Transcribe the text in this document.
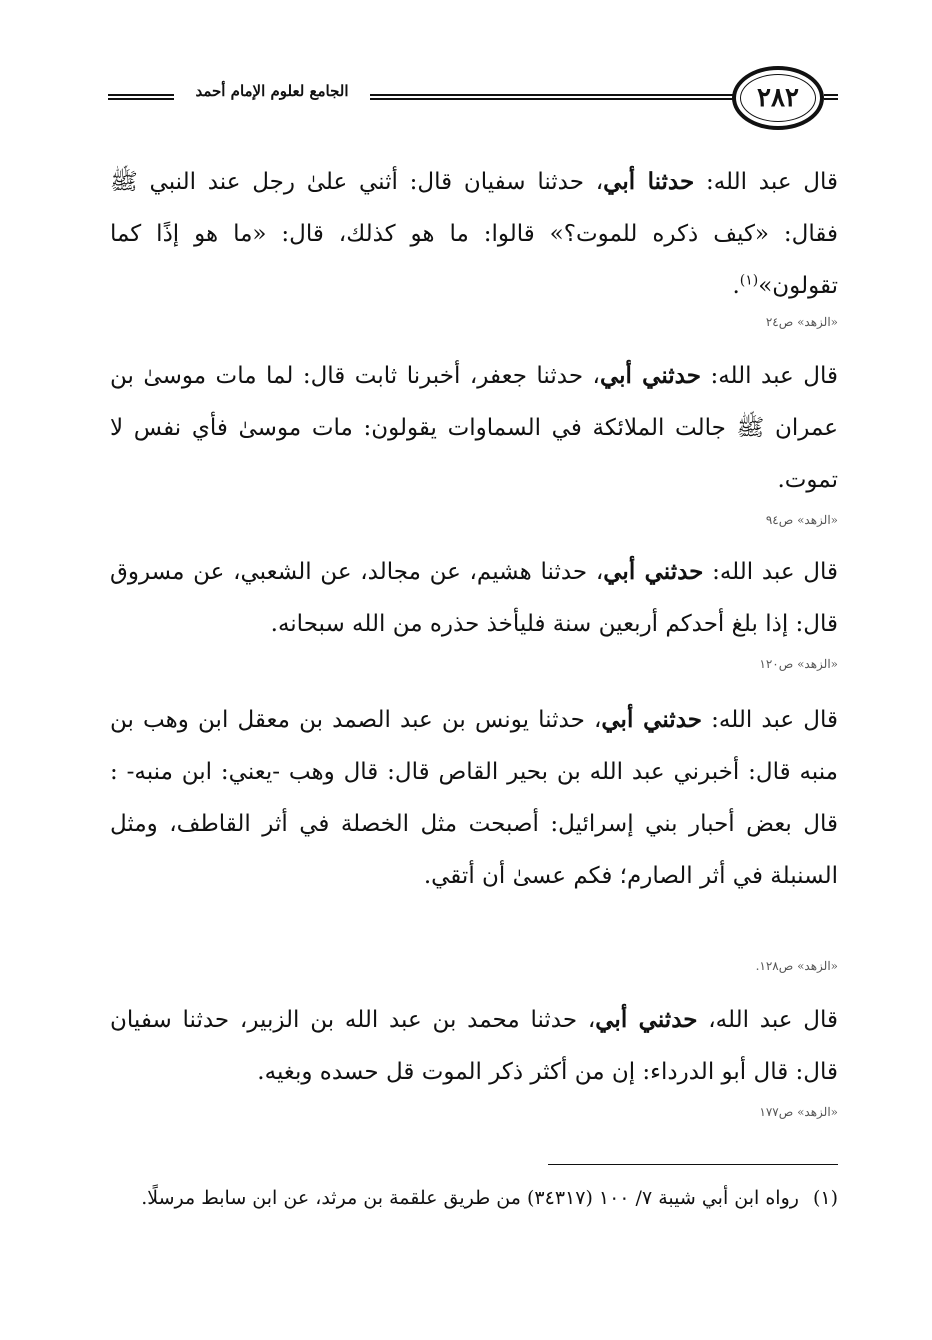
الجامع لعلوم الإمام أحمد	٢٨٢
قال عبد الله: حدثنا أبي، حدثنا سفيان قال: أثني علىٰ رجل عند النبي ﷺ فقال: «كيف ذكره للموت؟» قالوا: ما هو كذلك، قال: «ما هو إذًا كما تقولون»$^{(١)}$.
«الزهد» ص٢٤
قال عبد الله: حدثني أبي، حدثنا جعفر، أخبرنا ثابت قال: لما مات موسىٰ بن عمران ﷺ جالت الملائكة في السماوات يقولون: مات موسىٰ فأي نفس لا تموت.
«الزهد» ص٩٤
قال عبد الله: حدثني أبي، حدثنا هشيم، عن مجالد، عن الشعبي، عن مسروق قال: إذا بلغ أحدكم أربعين سنة فليأخذ حذره من الله سبحانه.
«الزهد» ص١٢٠
قال عبد الله: حدثني أبي، حدثنا يونس بن عبد الصمد بن معقل ابن وهب بن منبه قال: أخبرني عبد الله بن بحير القاص قال: قال وهب -يعني: ابن منبه- : قال بعض أحبار بني إسرائيل: أصبحت مثل الخصلة في أثر القاطف، ومثل السنبلة في أثر الصارم؛ فكم عسىٰ أن أتقي.
«الزهد» ص١٢٨.
قال عبد الله، حدثني أبي، حدثنا محمد بن عبد الله بن الزبير، حدثنا سفيان قال: قال أبو الدرداء: إن من أكثر ذكر الموت قل حسده وبغيه.
«الزهد» ص١٧٧
(١)رواه ابن أبي شيبة ٧/ ١٠٠ (٣٤٣١٧) من طريق علقمة بن مرثد، عن ابن سابط مرسلًا.
